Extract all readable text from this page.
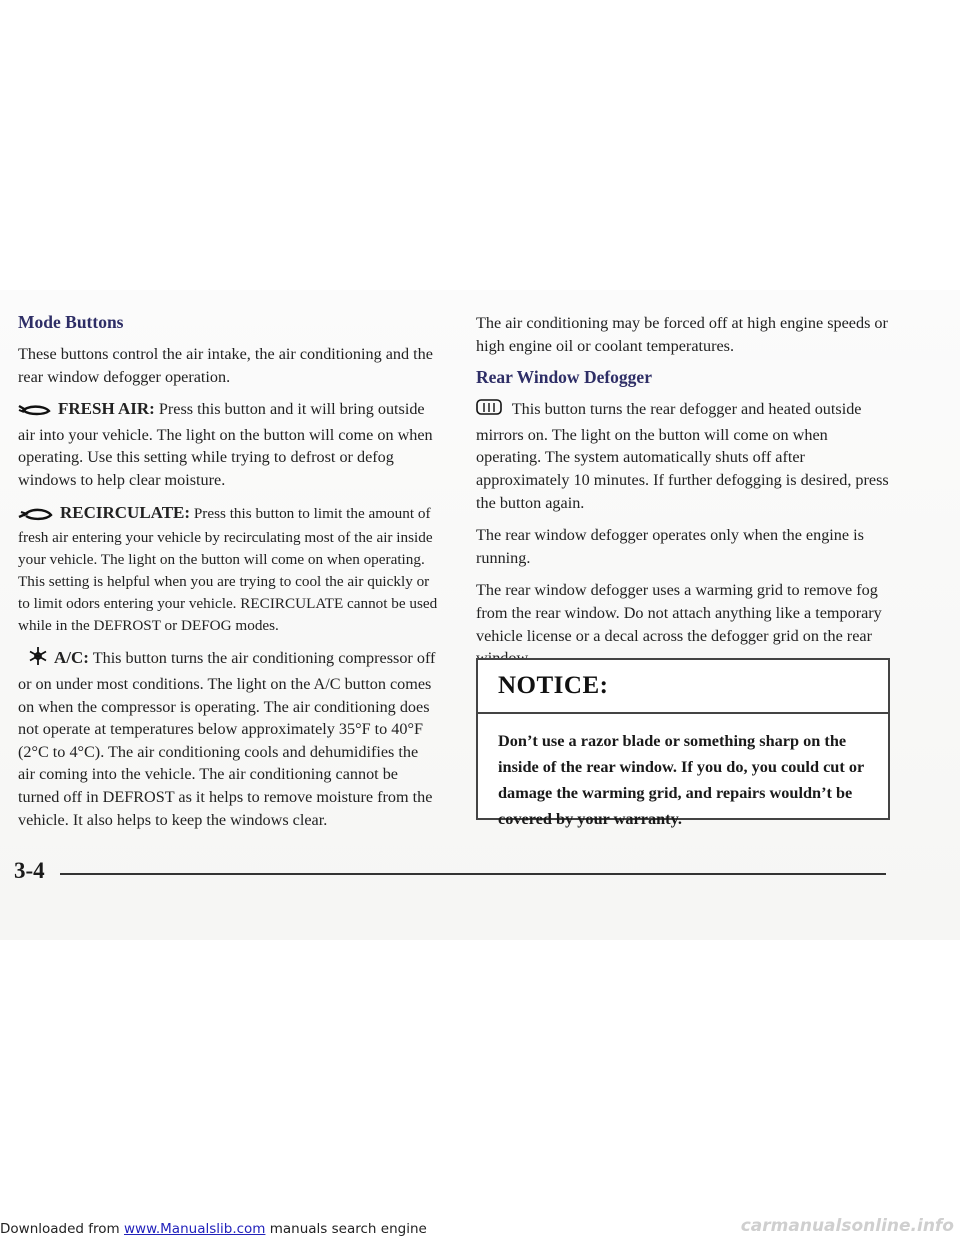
Mode Buttons

These buttons control the air intake, the air conditioning and the rear window defogger operation.

FRESH AIR: Press this button and it will bring outside air into your vehicle. The light on the button will come on when operating. Use this setting while trying to defrost or defog windows to help clear moisture.

RECIRCULATE: Press this button to limit the amount of fresh air entering your vehicle by recirculating most of the air inside your vehicle. The light on the button will come on when operating. This setting is helpful when you are trying to cool the air quickly or to limit odors entering your vehicle. RECIRCULATE cannot be used while in the DEFROST or DEFOG modes.

A/C: This button turns the air conditioning compressor off or on under most conditions. The light on the A/C button comes on when the compressor is operating. The air conditioning does not operate at temperatures below approximately 35°F to 40°F (2°C to 4°C). The air conditioning cools and dehumidifies the air coming into the vehicle. The air conditioning cannot be turned off in DEFROST as it helps to remove moisture from the vehicle. It also helps to keep the windows clear.

The air conditioning may be forced off at high engine speeds or high engine oil or coolant temperatures.

Rear Window Defogger

This button turns the rear defogger and heated outside mirrors on. The light on the button will come on when operating. The system automatically shuts off after approximately 10 minutes. If further defogging is desired, press the button again.

The rear window defogger operates only when the engine is running.

The rear window defogger uses a warming grid to remove fog from the rear window. Do not attach anything like a temporary vehicle license or a decal across the defogger grid on the rear

NOTICE:
Don’t use a razor blade or something sharp on the inside of the rear window. If you do, you could cut or damage the warming grid, and repairs wouldn’t be covered by your warranty.
3-4
Downloaded from www.Manualslib.com manuals search engine	carmanualsonline.info
